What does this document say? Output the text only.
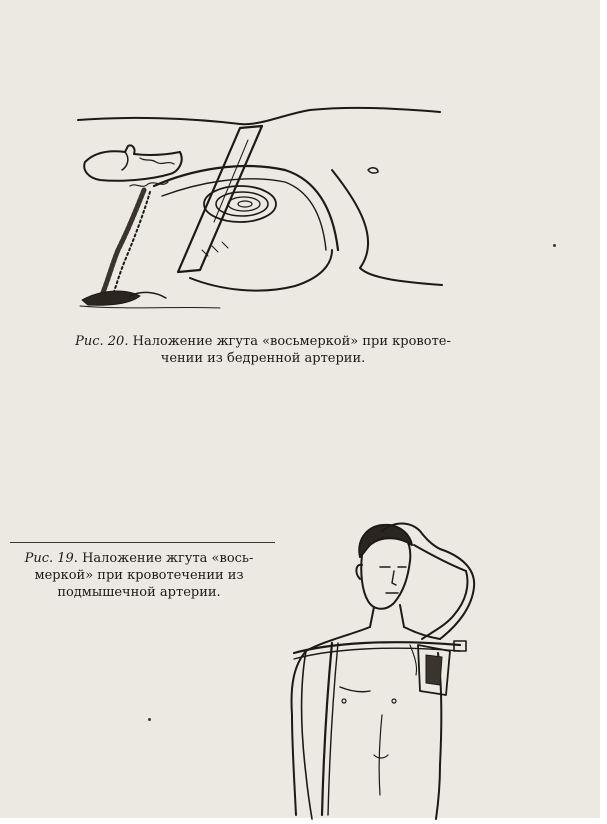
Рис. 20. Наложение жгута «восьмеркой» при кровоте-
чении из бедренной артерии.
Рис. 19. Наложение жгута «вось-
мepкой» при кровотечении из
подмышечной артерии.
